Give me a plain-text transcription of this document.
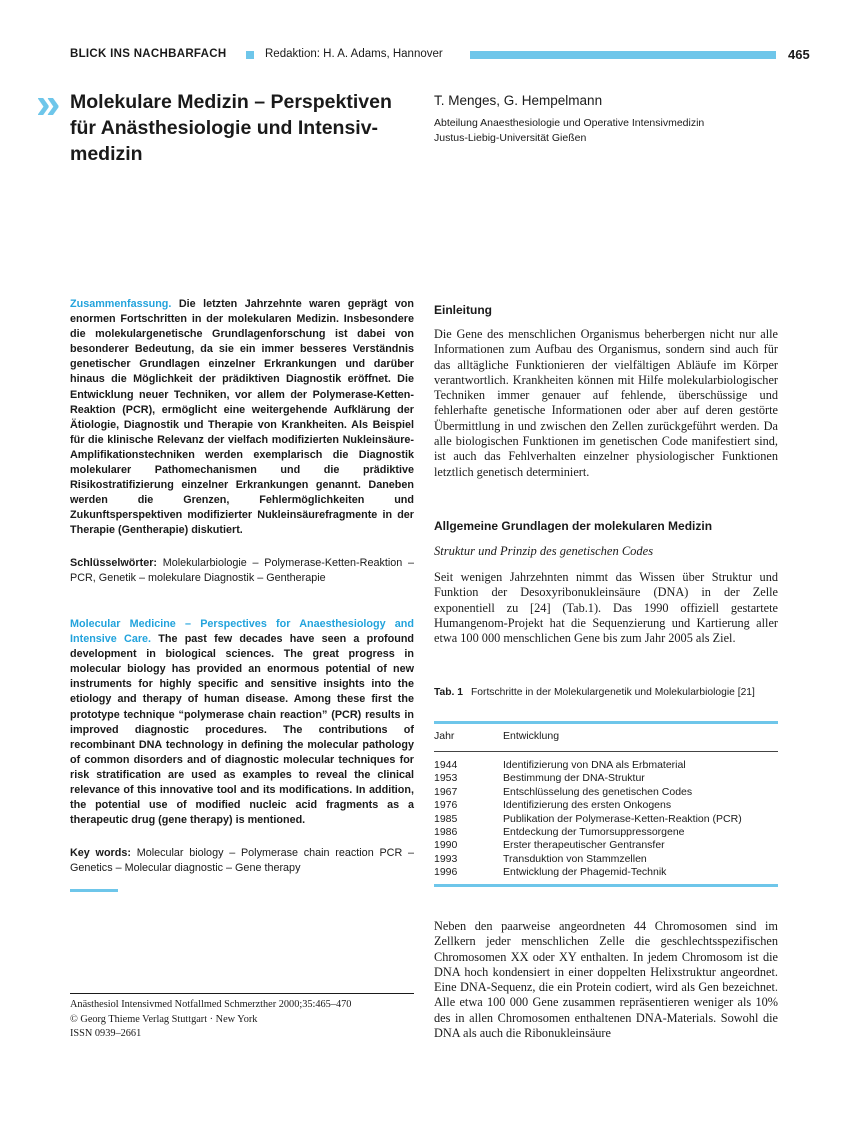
BLICK INS NACHBARFACH	Redaktion: H. A. Adams, Hannover	465
» Molekulare Medizin – Perspektiven für Anästhesiologie und Intensiv-medizin
T. Menges, G. Hempelmann
Abteilung Anaesthesiologie und Operative Intensivmedizin
Justus-Liebig-Universität Gießen
Zusammenfassung. Die letzten Jahrzehnte waren geprägt von enormen Fortschritten in der molekularen Medizin. Insbesondere die molekulargenetische Grundlagenforschung ist dabei von besonderer Bedeutung, da sie ein immer besseres Verständnis genetischer Grundlagen einzelner Erkrankungen und darüber hinaus die Möglichkeit der prädiktiven Diagnostik eröffnet. Die Entwicklung neuer Techniken, vor allem der Polymerase-Ketten-Reaktion (PCR), ermöglicht eine weitergehende Aufklärung der Ätiologie, Diagnostik und Therapie von Krankheiten. Als Beispiel für die klinische Relevanz der vielfach modifizierten Nukleinsäure-Amplifikationstechniken werden exemplarisch die Diagnostik molekularer Pathomechanismen und die prädiktive Risikostratifizierung einzelner Erkrankungen genannt. Daneben werden die Grenzen, Fehlermöglichkeiten und Zukunftsperspektiven modifizierter Nukleinsäurefragmente in der Therapie (Gentherapie) diskutiert.
Schlüsselwörter: Molekularbiologie – Polymerase-Ketten-Reaktion – PCR, Genetik – molekulare Diagnostik – Gentherapie
Molecular Medicine – Perspectives for Anaesthesiology and Intensive Care. The past few decades have seen a profound development in biological sciences. The great progress in molecular biology has provided an enormous potential of new instruments for highly specific and sensitive insights into the etiology and therapy of human disease. Among these first the prototype technique “polymerase chain reaction” (PCR) results in improved diagnostic procedures. The contributions of recombinant DNA technology in defining the molecular pathology of common disorders and of diagnostic molecular techniques for risk stratification are used as examples to reveal the clinical relevance of this innovative tool and its modifications. In addition, the potential use of modified nucleic acid fragments as a therapeutic drug (gene therapy) is mentioned.
Key words: Molecular biology – Polymerase chain reaction PCR – Genetics – Molecular diagnostic – Gene therapy
Anästhesiol Intensivmed Notfallmed Schmerzther 2000;35:465–470
© Georg Thieme Verlag Stuttgart · New York
ISSN 0939–2661
Einleitung
Die Gene des menschlichen Organismus beherbergen nicht nur alle Informationen zum Aufbau des Organismus, sondern sind auch für das alltägliche Funktionieren der vielfältigen Abläufe im Körper verantwortlich. Krankheiten können mit Hilfe molekularbiologischer Techniken immer genauer auf fehlende, überschüssige und fehlerhafte genetische Informationen oder aber auf deren gestörte Übermittlung in und zwischen den Zellen zurückgeführt werden. Da alle biologischen Funktionen im genetischen Code manifestiert sind, ist auch das Fehlverhalten einzelner physiologischer Funktionen letztlich genetisch determiniert.
Allgemeine Grundlagen der molekularen Medizin
Struktur und Prinzip des genetischen Codes
Seit wenigen Jahrzehnten nimmt das Wissen über Struktur und Funktion der Desoxyribonukleinsäure (DNA) in der Zelle exponentiell zu [24] (Tab.1). Das 1990 offiziell gestartete Humangenom-Projekt hat die Sequenzierung und Kartierung aller etwa 100 000 menschlichen Gene bis zum Jahr 2005 als Ziel.
Tab. 1 Fortschritte in der Molekulargenetik und Molekularbiologie [21]
Jahr	Entwicklung
1944	Identifizierung von DNA als Erbmaterial
1953	Bestimmung der DNA-Struktur
1967	Entschlüsselung des genetischen Codes
1976	Identifizierung des ersten Onkogens
1985	Publikation der Polymerase-Ketten-Reaktion (PCR)
1986	Entdeckung der Tumorsuppressorgene
1990	Erster therapeutischer Gentransfer
1993	Transduktion von Stammzellen
1996	Entwicklung der Phagemid-Technik
Neben den paarweise angeordneten 44 Chromosomen sind im Zellkern jeder menschlichen Zelle die geschlechtsspezifischen Chromosomen XX oder XY enthalten. In jedem Chromosom ist die DNA hoch kondensiert in einer doppelten Helixstruktur angeordnet. Eine DNA-Sequenz, die ein Protein codiert, wird als Gen bezeichnet. Alle etwa 100 000 Gene zusammen repräsentieren weniger als 10% des in allen Chromosomen enthaltenen DNA-Materials. Sowohl die DNA als auch die Ribonukleinsäure
